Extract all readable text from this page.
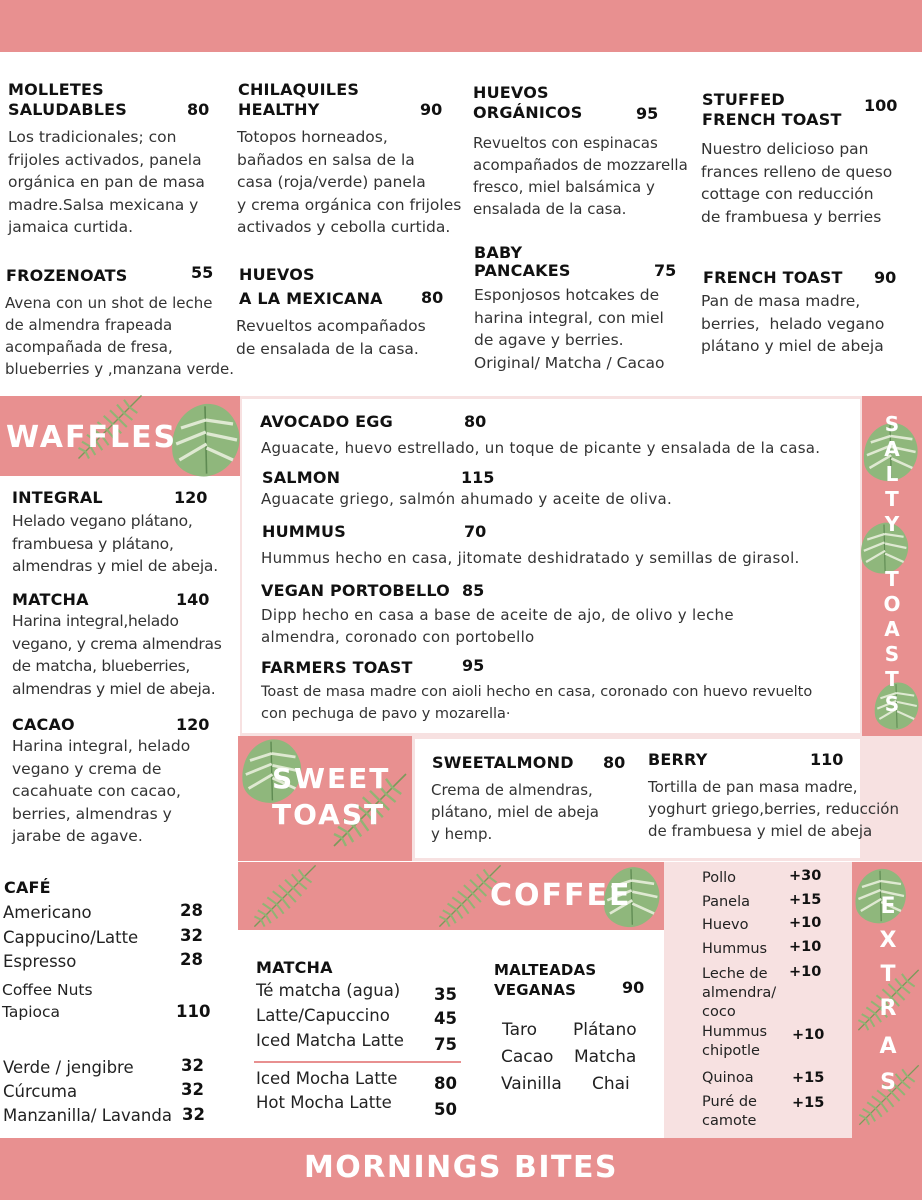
MOLLETES
SALUDABLES	80
Los tradicionales; con
frijoles activados, panela
orgánica en pan de masa
madre.Salsa mexicana y
jamaica curtida.
CHILAQUILES
HEALTHY	90
Totopos horneados,
bañados en salsa de la
casa (roja/verde) panela
y crema orgánica con frijoles
activados y cebolla curtida.
HUEVOS
ORGÁNICOS	95
Revueltos con espinacas
acompañados de mozzarella
fresco, miel balsámica y
ensalada de la casa.
STUFFED
FRENCH TOAST
100
Nuestro delicioso pan
frances relleno de queso
cottage con reducción
de frambuesa y berries
FROZENOATS	55
Avena con un shot de leche
de almendra frapeada
acompañada de fresa,
blueberries y ,manzana verde.
HUEVOS
A LA MEXICANA 80
Revueltos acompañados
de ensalada de la casa.
BABY
PANCAKES	75
Esponjosos hotcakes de
harina integral, con miel
de agave y berries.
Original/ Matcha / Cacao
FRENCH TOAST 90
Pan de masa madre,
berries,  helado vegano
plátano y miel de abeja
WAFFLES
INTEGRAL	120
Helado vegano plátano,
frambuesa y plátano,
almendras y miel de abeja.
MATCHA	140
Harina integral,helado
vegano, y crema almendras
de matcha, blueberries,
almendras y miel de abeja.
CACAO	120
Harina integral, helado
vegano y crema de
cacahuate con cacao,
berries, almendras y
jarabe de agave.
S
A
L
T
Y
T
O
A
S
T
S
AVOCADO EGG	80
Aguacate, huevo estrellado, un toque de picante y ensalada de la casa.
SALMON	115
Aguacate griego, salmón ahumado y aceite de oliva.
HUMMUS	70
Hummus hecho en casa, jitomate deshidratado y semillas de girasol.
VEGAN PORTOBELLO 85
Dipp hecho en casa a base de aceite de ajo, de olivo y leche
almendra, coronado con portobello
FARMERS TOAST	95
Toast de masa madre con aioli hecho en casa, coronado con huevo revuelto
con pechuga de pavo y mozarella·
SWEET
TOAST
SWEETALMOND 80
Crema de almendras,
plátano, miel de abeja
y hemp.
BERRY	110
Tortilla de pan masa madre,
yoghurt griego,berries, reducción
de frambuesa y miel de abeja
COFFEE
CAFÉ
Americano	28
Cappucino/Latte	32
Espresso	28
Coffee Nuts
Tapioca	110
Verde / jengibre	32
Cúrcuma	32
Manzanilla/ Lavanda 32
MATCHA
Té matcha (agua) 35
Latte/Capuccino	45
Iced Matcha Latte 75
Iced Mocha Latte 80
Hot Mocha Latte	50
MALTEADAS
VEGANAS	90
Taro Plátano
Cacao Matcha
Vainilla Chai
E
X
T
R
A
S
Pollo	+30
Panela	+15
Huevo	+10
Hummus +10
Leche de
almendra/
coco
+10
Hummus
chipotle
+10
Quinoa	+15
Puré de
camote
+15
MORNINGS BITES
